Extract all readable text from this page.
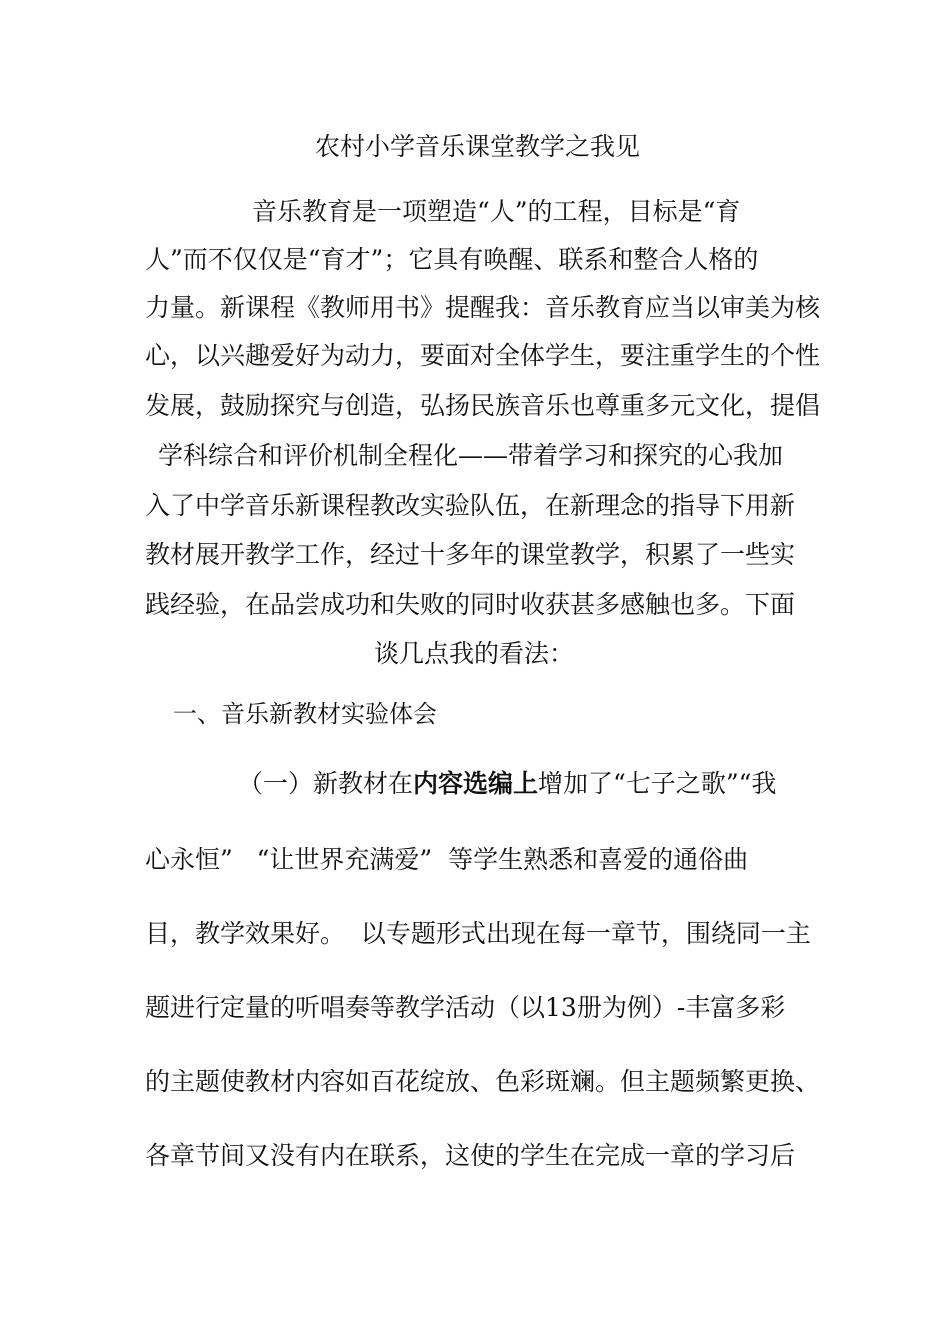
农村小学音乐课堂教学之我见
音乐教育是一项塑造“人”的工程，目标是“育
人”而不仅仅是“育才”；它具有唤醒、联系和整合人格的
力量。新课程《教师用书》提醒我：音乐教育应当以审美为核
心，以兴趣爱好为动力，要面对全体学生，要注重学生的个性
发展，鼓励探究与创造，弘扬民族音乐也尊重多元文化，提倡
学科综合和评价机制全程化——带着学习和探究的心我加
入了中学音乐新课程教改实验队伍，在新理念的指导下用新
教材展开教学工作，经过十多年的课堂教学，积累了一些实
践经验，在品尝成功和失败的同时收获甚多感触也多。下面
谈几点我的看法：
一、音乐新教材实验体会
（一）新教材在内容选编上增加了“七子之歌”“我
心永恒”   “让世界充满爱”  等学生熟悉和喜爱的通俗曲
目，教学效果好。  以专题形式出现在每一章节，围绕同一主
题进行定量的听唱奏等教学活动（以13册为例）-丰富多彩
的主题使教材内容如百花绽放、色彩斑斓。但主题频繁更换、
各章节间又没有内在联系，这使的学生在完成一章的学习后
